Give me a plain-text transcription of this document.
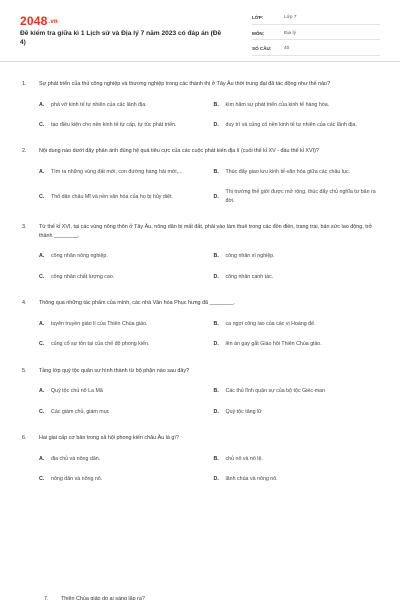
2048.vn
Đề kiểm tra giữa kì 1 Lịch sử và Địa lý 7 năm 2023 có đáp án (Đề 4)
LỚP:	Lớp 7
MÔN:	Địa lý
SỐ CÂU:	40
1.	Sự phát triển của thủ công nghiệp và thương nghiệp trong các thành thị ở Tây Âu thời trung đại đã tác động như thế nào?
A.	phá vỡ kinh tế tự nhiên của các lãnh địa.	B.	kìm hãm sự phát triển của kinh tế hàng hóa.
C.	tạo điều kiện cho nền kinh tế tự cấp, tự túc phát triển.	D.	duy trì và củng cố nền kinh tế tự nhiên của các lãnh địa.
2.	Nội dung nào dưới đây phản ánh đúng hệ quả tiêu cực của các cuộc phát kiến địa lí (cuối thế kỉ XV - đầu thế kỉ XVI)?
A.	Tìm ra những vùng đất mới, con đường hàng hải mới,...	B.	Thúc đẩy giao lưu kinh tế-văn hóa giữa các châu lục.
C.	Thổ dân châu Mĩ và nền văn hóa của họ bị hủy diệt.	D.
Thị trường thế giới được mở rộng, thúc đẩy chủ nghĩa tư bản ra đời.
3.	Từ thế kỉ XVI, tại các vùng nông thôn ở Tây Âu, nông dân bị mất đất, phải vào làm thuê trong các đồn điền, trang trại, bán sức lao động, trở thành ________.
A.	công nhân nông nghiệp.	B.	công nhân xí nghiệp.
C.	công nhân chất lượng cao.	D.	công nhân canh tác.
4.	Thông qua những tác phẩm của mình, các nhà Văn hóa Phục hưng đã ________.
A.	tuyên truyền giáo lí của Thiên Chúa giáo.	B.	ca ngợi công lao của các vị Hoàng đế.
C.	củng cố sự tôn tại của chế độ phong kiến.	D.	lên án gay gắt Giáo hội Thiên Chúa giáo.
5.	Tầng lớp quý tộc quân sự hình thành từ bộ phận nào sau đây?
A.	Quý tộc chủ nô La Mã	B.	Các thủ lĩnh quân sự của bộ tộc Giéc-man
C.	Các giám chủ, giám mục	D.	Quý tộc tăng lữ
6.	Hai giai cấp cơ bản trong xã hội phong kiến châu Âu là gì?
A.	địa chủ và nông dân.	B.	chủ nô và nô lệ.
C.	nông dân và nông nô.	D.	lãnh chúa và nông nô.
7.	Thiên Chúa giáo do ai sáng lập ra?
